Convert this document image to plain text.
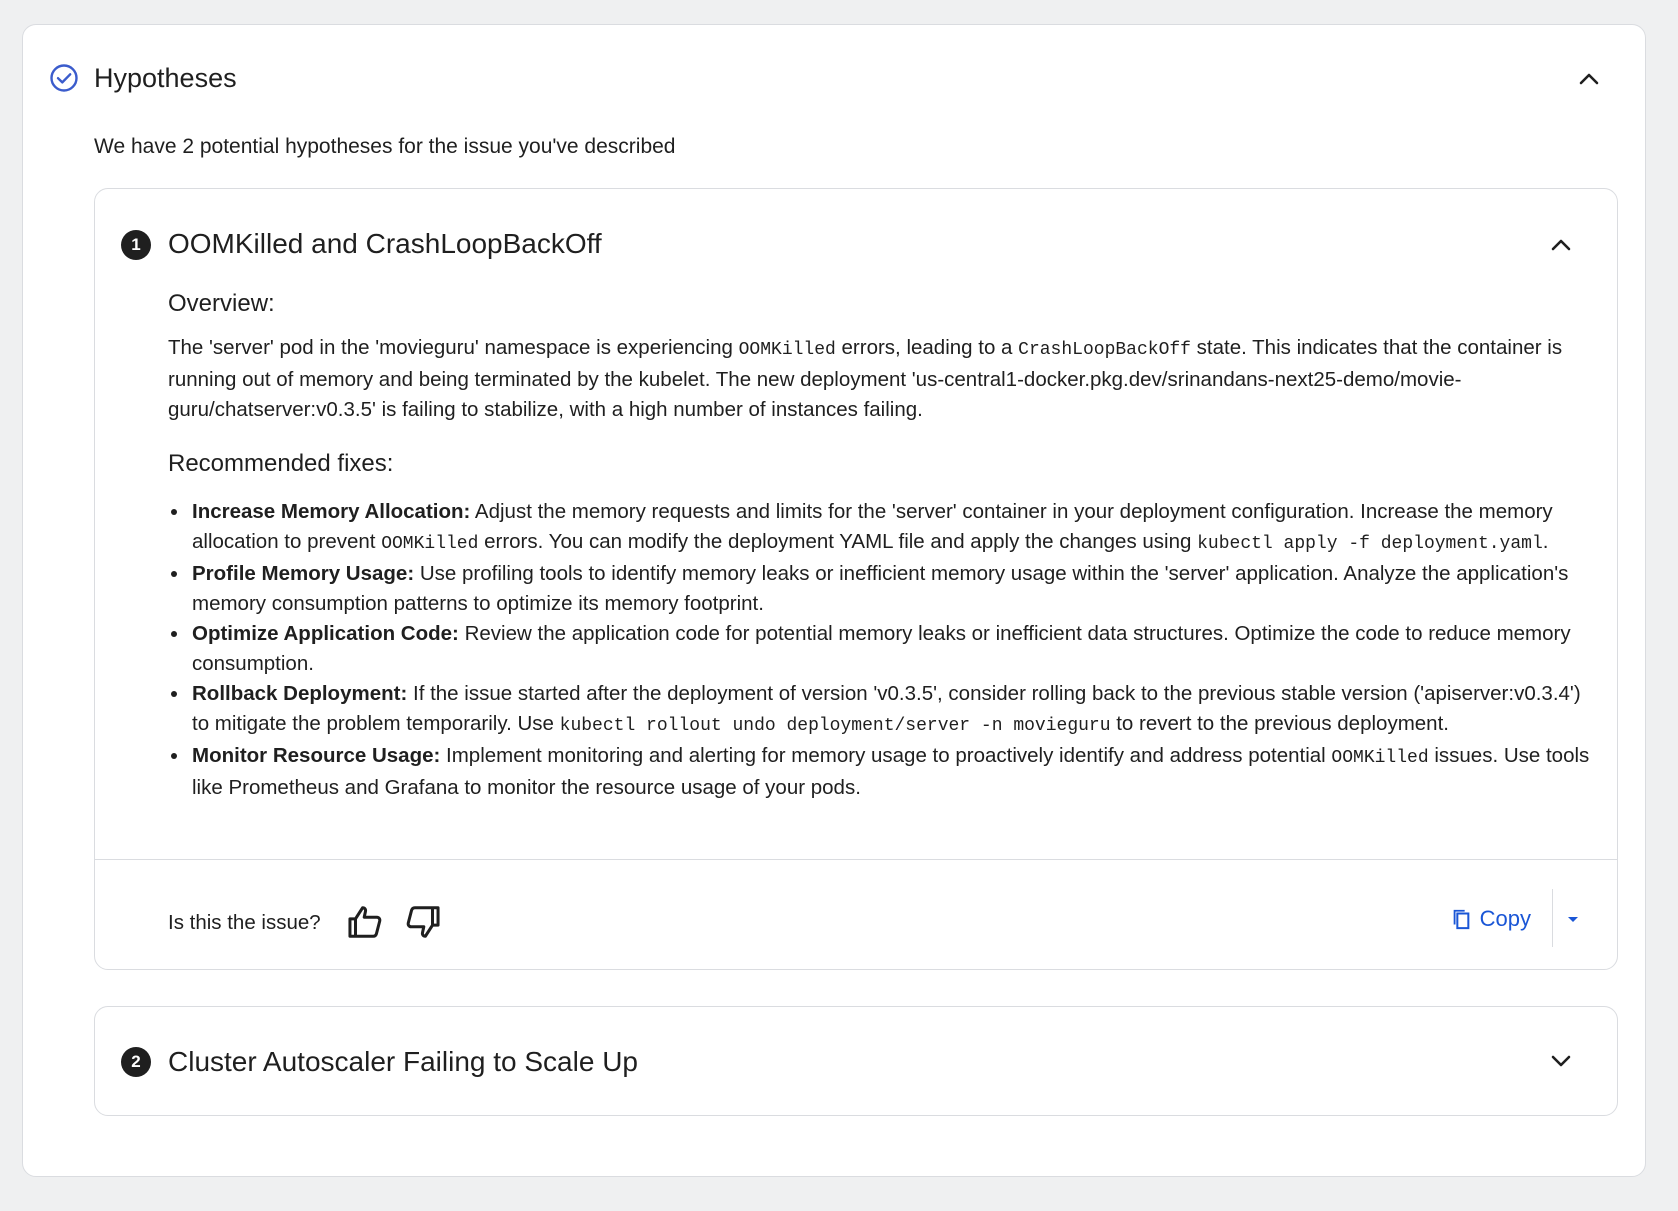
Hypotheses
We have 2 potential hypotheses for the issue you've described
1 OOMKilled and CrashLoopBackOff
Overview:

The 'server' pod in the 'movieguru' namespace is experiencing OOMKilled errors, leading to a CrashLoopBackOff state. This indicates that the container is running out of memory and being terminated by the kubelet. The new deployment 'us-central1-docker.pkg.dev/srinandans-next25-demo/movie-guru/chatserver:v0.3.5' is failing to stabilize, with a high number of instances failing.

Recommended fixes:
• Increase Memory Allocation: Adjust the memory requests and limits for the 'server' container in your deployment configuration. Increase the memory allocation to prevent OOMKilled errors. You can modify the deployment YAML file and apply the changes using kubectl apply -f deployment.yaml.
• Profile Memory Usage: Use profiling tools to identify memory leaks or inefficient memory usage within the 'server' application. Analyze the application's memory consumption patterns to optimize its memory footprint.
• Optimize Application Code: Review the application code for potential memory leaks or inefficient data structures. Optimize the code to reduce memory consumption.
• Rollback Deployment: If the issue started after the deployment of version 'v0.3.5', consider rolling back to the previous stable version ('apiserver:v0.3.4') to mitigate the problem temporarily. Use kubectl rollout undo deployment/server -n movieguru to revert to the previous deployment.
• Monitor Resource Usage: Implement monitoring and alerting for memory usage to proactively identify and address potential OOMKilled issues. Use tools like Prometheus and Grafana to monitor the resource usage of your pods.
Is this the issue?	Copy
2 Cluster Autoscaler Failing to Scale Up
